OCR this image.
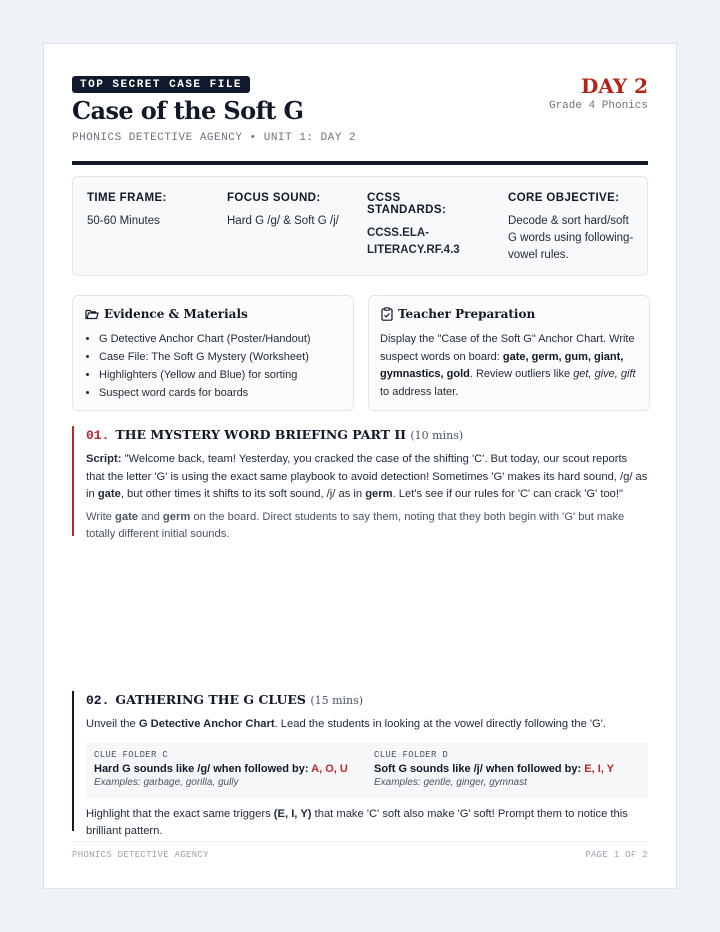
TOP SECRET CASE FILE
Case of the Soft G
PHONICS DETECTIVE AGENCY • UNIT 1: DAY 2
DAY 2
Grade 4 Phonics
TIME FRAME:
50-60 Minutes
FOCUS SOUND:
Hard G /g/ & Soft G /j/
CCSS STANDARDS:
CCSS.ELA-LITERACY.RF.4.3
CORE OBJECTIVE:
Decode & sort hard/soft G words using following-vowel rules.
Evidence & Materials
• G Detective Anchor Chart (Poster/Handout)
• Case File: The Soft G Mystery (Worksheet)
• Highlighters (Yellow and Blue) for sorting
• Suspect word cards for boards
Teacher Preparation
Display the "Case of the Soft G" Anchor Chart. Write suspect words on board: gate, germ, gum, giant, gymnastics, gold. Review outliers like get, give, gift to address later.
01. THE MYSTERY WORD BRIEFING PART II (10 mins)

Script: "Welcome back, team! Yesterday, you cracked the case of the shifting 'C'. But today, our scout reports that the letter 'G' is using the exact same playbook to avoid detection! Sometimes 'G' makes its hard sound, /g/ as in gate, but other times it shifts to its soft sound, /j/ as in germ. Let's see if our rules for 'C' can crack 'G' too!"

Write gate and germ on the board. Direct students to say them, noting that they both begin with 'G' but make totally different initial sounds.

02. GATHERING THE G CLUES (15 mins)

Unveil the G Detective Anchor Chart. Lead the students in looking at the vowel directly following the 'G'.

CLUE FOLDER C
Hard G sounds like /g/ when followed by: A, O, U
Examples: garbage, gorilla, gully
CLUE FOLDER D
Soft G sounds like /j/ when followed by: E, I, Y
Examples: gentle, ginger, gymnast

Highlight that the exact same triggers (E, I, Y) that make 'C' soft also make 'G' soft! Prompt them to notice this brilliant pattern.

PHONICS DETECTIVE AGENCY	PAGE 1 OF 2
